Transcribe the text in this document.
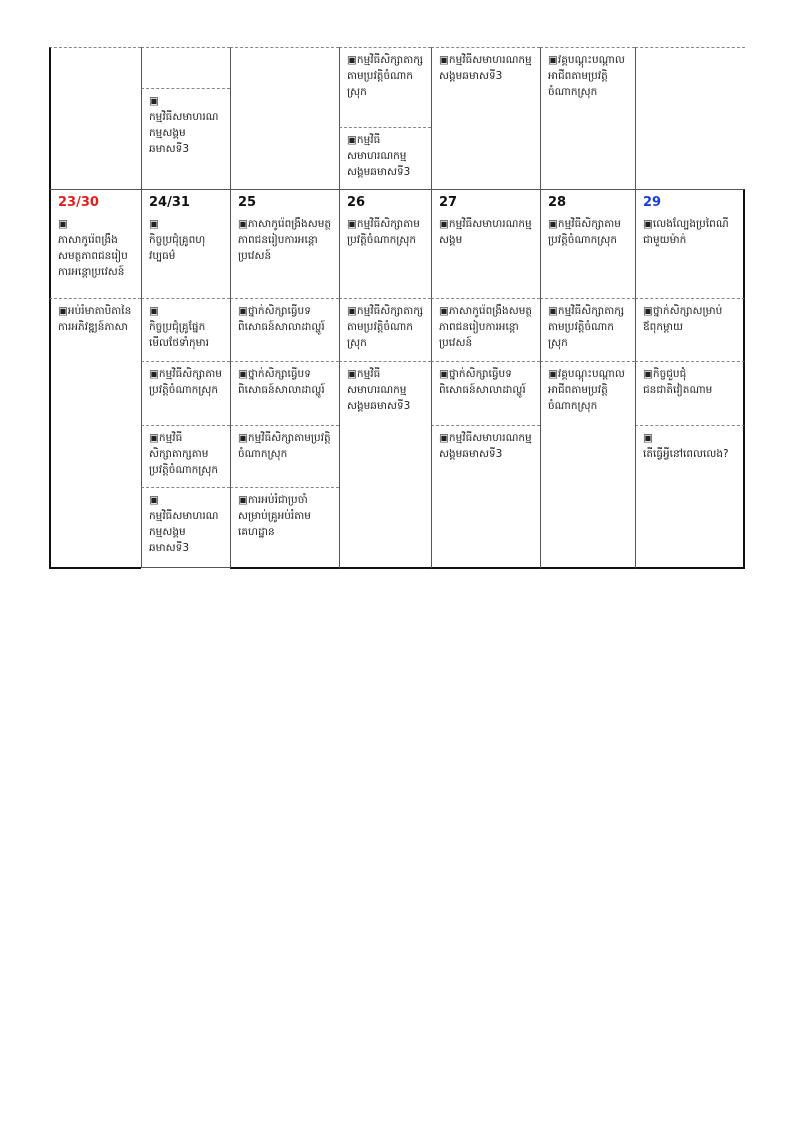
▣
កម្មវិធីសមាហរណកម្មសង្គមឆមាសទី3
▣កម្មវិធីសិក្សាតាក្សតាមប្រវត្តិចំណាកស្រុក
▣កម្មវិធីសមាហរណកម្មសង្គមឆមាសទី3
▣កម្មវិធីសមាហរណកម្មសង្គមឆមាសទី3
▣វគ្គបណ្ដុះបណ្ដាលអាជីពតាមប្រវត្តិចំណាកស្រុក
23/30
▣
ភាសាកូរ៉េពង្រឹងសមត្ថភាពជនរៀបការអន្តោប្រវេសន៍
24/31
▣
កិច្ចប្រជុំគ្រូពហុវប្បធម៌
25
▣ភាសាកូរ៉េពង្រឹងសមត្ថភាពជនរៀបការអន្តោប្រវេសន៍
26
▣កម្មវិធីសិក្សាតាមប្រវត្តិចំណាកស្រុក
27
▣កម្មវិធីសមាហរណកម្មសង្គម
28
▣កម្មវិធីសិក្សាតាមប្រវត្តិចំណាកស្រុក
29
▣លេងល្បែងប្រពៃណីជាមួយម៉ាក់
▣អប់រំមាតាបិតានៃការអភិវឌ្ឍន៍ភាសា
▣
កិច្ចប្រជុំគ្រូផ្នែកមើលថែទាំកុមារ
▣កម្មវិធីសិក្សាតាមប្រវត្តិចំណាកស្រុក
▣កម្មវិធីសិក្សាតាក្សតាមប្រវត្តិចំណាកស្រុក
▣
កម្មវិធីសមាហរណកម្មសង្គមឆមាសទី3
▣ថ្នាក់សិក្សាធ្វើបទពិសោធន៍សាលាដាល្ហូរ៍
▣ថ្នាក់សិក្សាធ្វើបទពិសោធន៍សាលាដាល្ហូរ៍
▣កម្មវិធីសិក្សាតាមប្រវត្តិចំណាកស្រុក
▣ការអប់រំជាប្រចាំសម្រាប់គ្រូអប់រំតាមគេហដ្ឋាន
▣កម្មវិធីសិក្សាតាក្សតាមប្រវត្តិចំណាកស្រុក
▣កម្មវិធីសមាហរណកម្មសង្គមឆមាសទី3
▣ភាសាកូរ៉េពង្រឹងសមត្ថភាពជនរៀបការអន្តោប្រវេសន៍
▣ថ្នាក់សិក្សាធ្វើបទពិសោធន៍សាលាដាល្ហូរ៍
▣កម្មវិធីសមាហរណកម្មសង្គមឆមាសទី3
▣កម្មវិធីសិក្សាតាក្សតាមប្រវត្តិចំណាកស្រុក
▣វគ្គបណ្ដុះបណ្ដាលអាជីពតាមប្រវត្តិចំណាកស្រុក
▣ថ្នាក់សិក្សាសម្រាប់ឪពុកម្ដាយ
▣កិច្ចជួបជុំជនជាតិវៀតណាម
▣
តើធ្វើអ្វីនៅពេលលេង?
